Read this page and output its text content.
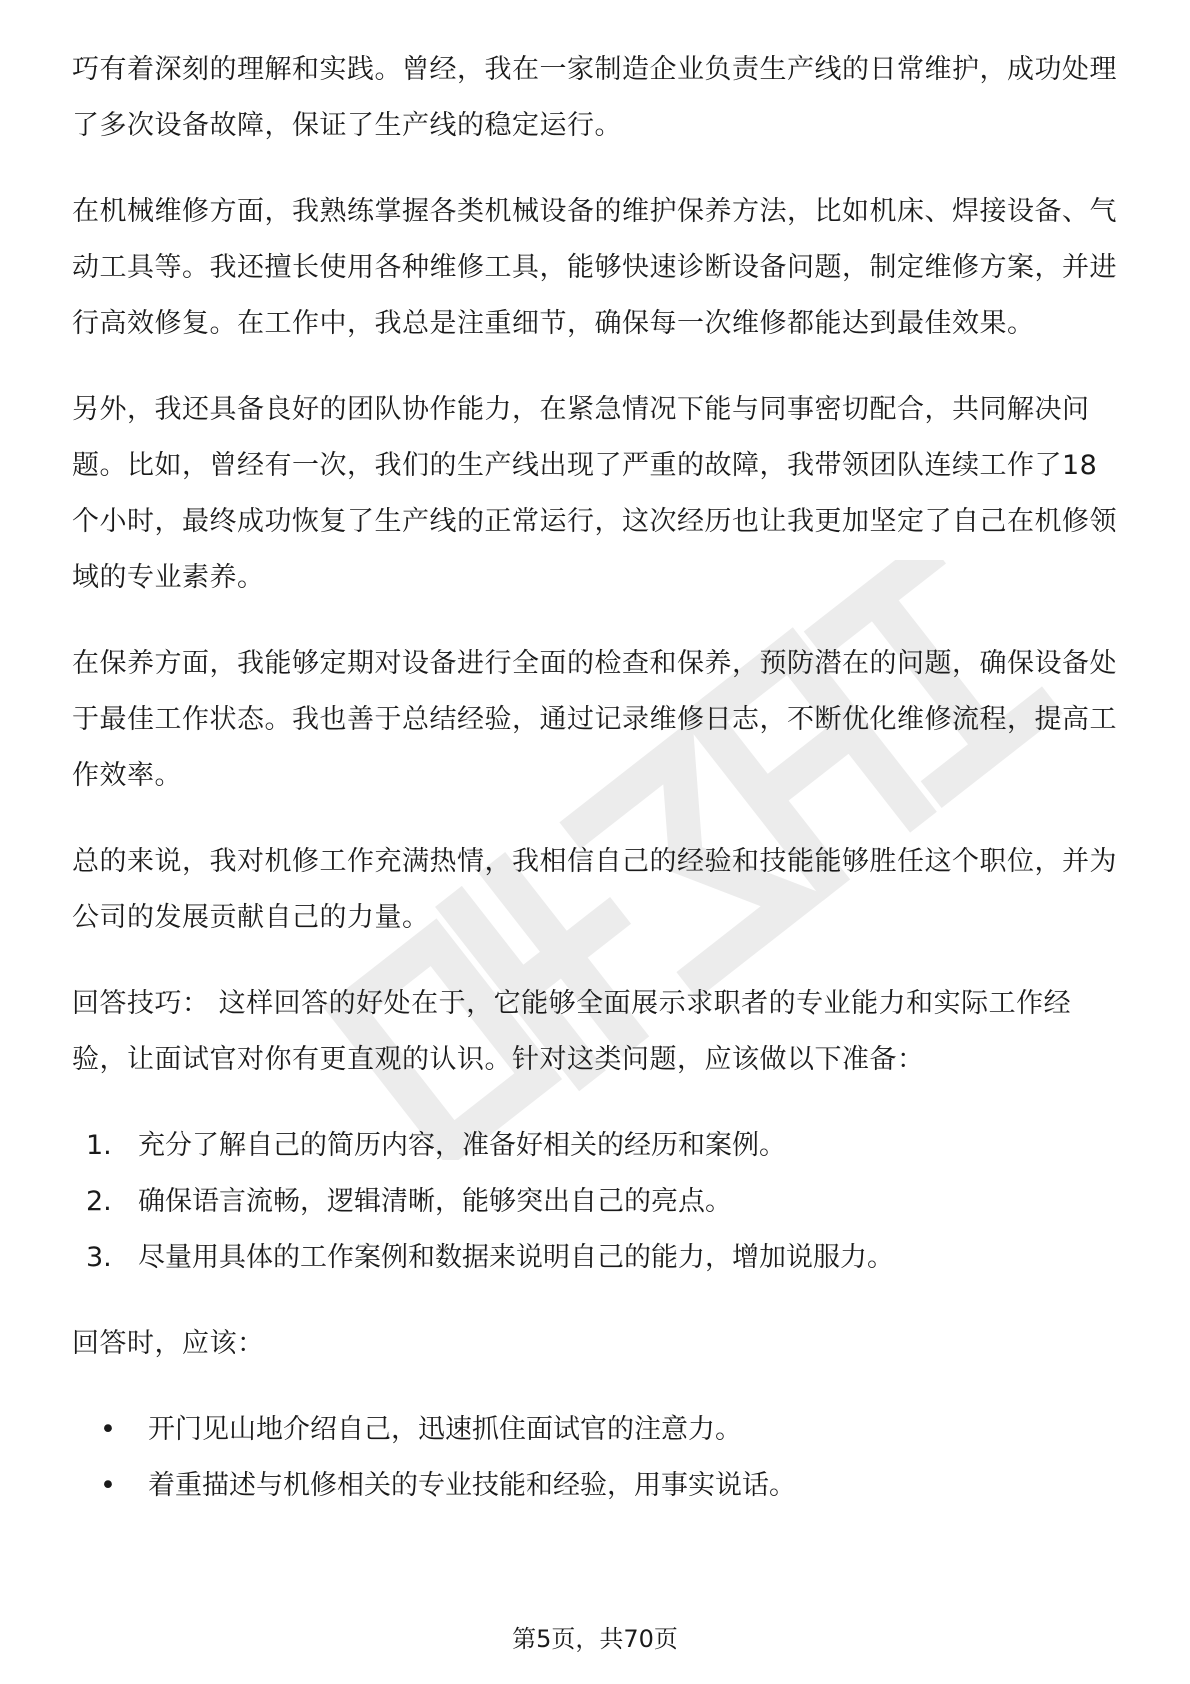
巧有着深刻的理解和实践。曾经，我在一家制造企业负责生产线的日常维护，成功处理了多次设备故障，保证了生产线的稳定运行。

在机械维修方面，我熟练掌握各类机械设备的维护保养方法，比如机床、焊接设备、气动工具等。我还擅长使用各种维修工具，能够快速诊断设备问题，制定维修方案，并进行高效修复。在工作中，我总是注重细节，确保每一次维修都能达到最佳效果。

另外，我还具备良好的团队协作能力，在紧急情况下能与同事密切配合，共同解决问题。比如，曾经有一次，我们的生产线出现了严重的故障，我带领团队连续工作了18个小时，最终成功恢复了生产线的正常运行，这次经历也让我更加坚定了自己在机修领域的专业素养。

在保养方面，我能够定期对设备进行全面的检查和保养，预防潜在的问题，确保设备处于最佳工作状态。我也善于总结经验，通过记录维修日志，不断优化维修流程，提高工作效率。

总的来说，我对机修工作充满热情，我相信自己的经验和技能能够胜任这个职位，并为公司的发展贡献自己的力量。

回答技巧： 这样回答的好处在于，它能够全面展示求职者的专业能力和实际工作经验，让面试官对你有更直观的认识。针对这类问题，应该做以下准备：

1. 充分了解自己的简历内容，准备好相关的经历和案例。
2. 确保语言流畅，逻辑清晰，能够突出自己的亮点。
3. 尽量用具体的工作案例和数据来说明自己的能力，增加说服力。

回答时，应该：

• 开门见山地介绍自己，迅速抓住面试官的注意力。
• 着重描述与机修相关的专业技能和经验，用事实说话。
第5页，共70页
